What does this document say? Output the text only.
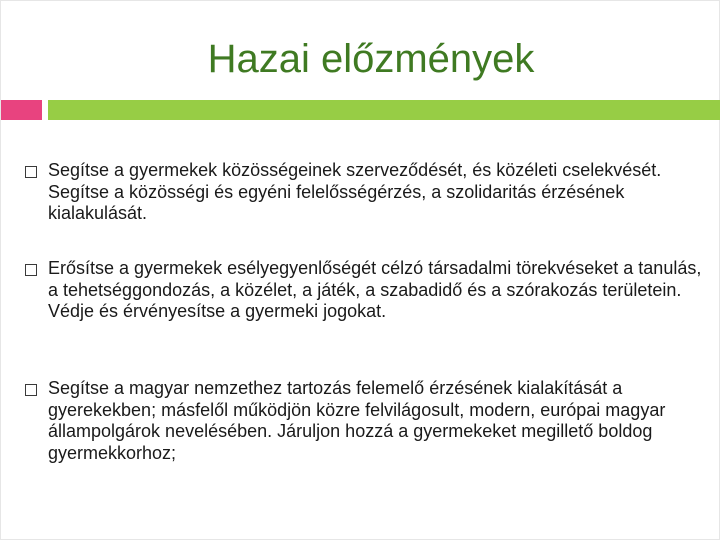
Hazai előzmények
Segítse a gyermekek közösségeinek szerveződését, és közéleti cselekvését. Segítse a közösségi és egyéni felelősségérzés, a szolidaritás érzésének kialakulását.
Erősítse a gyermekek esélyegyenlőségét célzó társadalmi törekvéseket a tanulás, a tehetséggondozás, a közélet, a játék, a szabadidő és a szórakozás területein. Védje és érvényesítse a gyermeki jogokat.
Segítse a magyar nemzethez tartozás felemelő érzésének kialakítását a gyerekekben; másfelől működjön közre felvilágosult, modern, európai magyar állampolgárok nevelésében. Járuljon hozzá a gyermekeket megillető boldog gyermekkorhoz;
